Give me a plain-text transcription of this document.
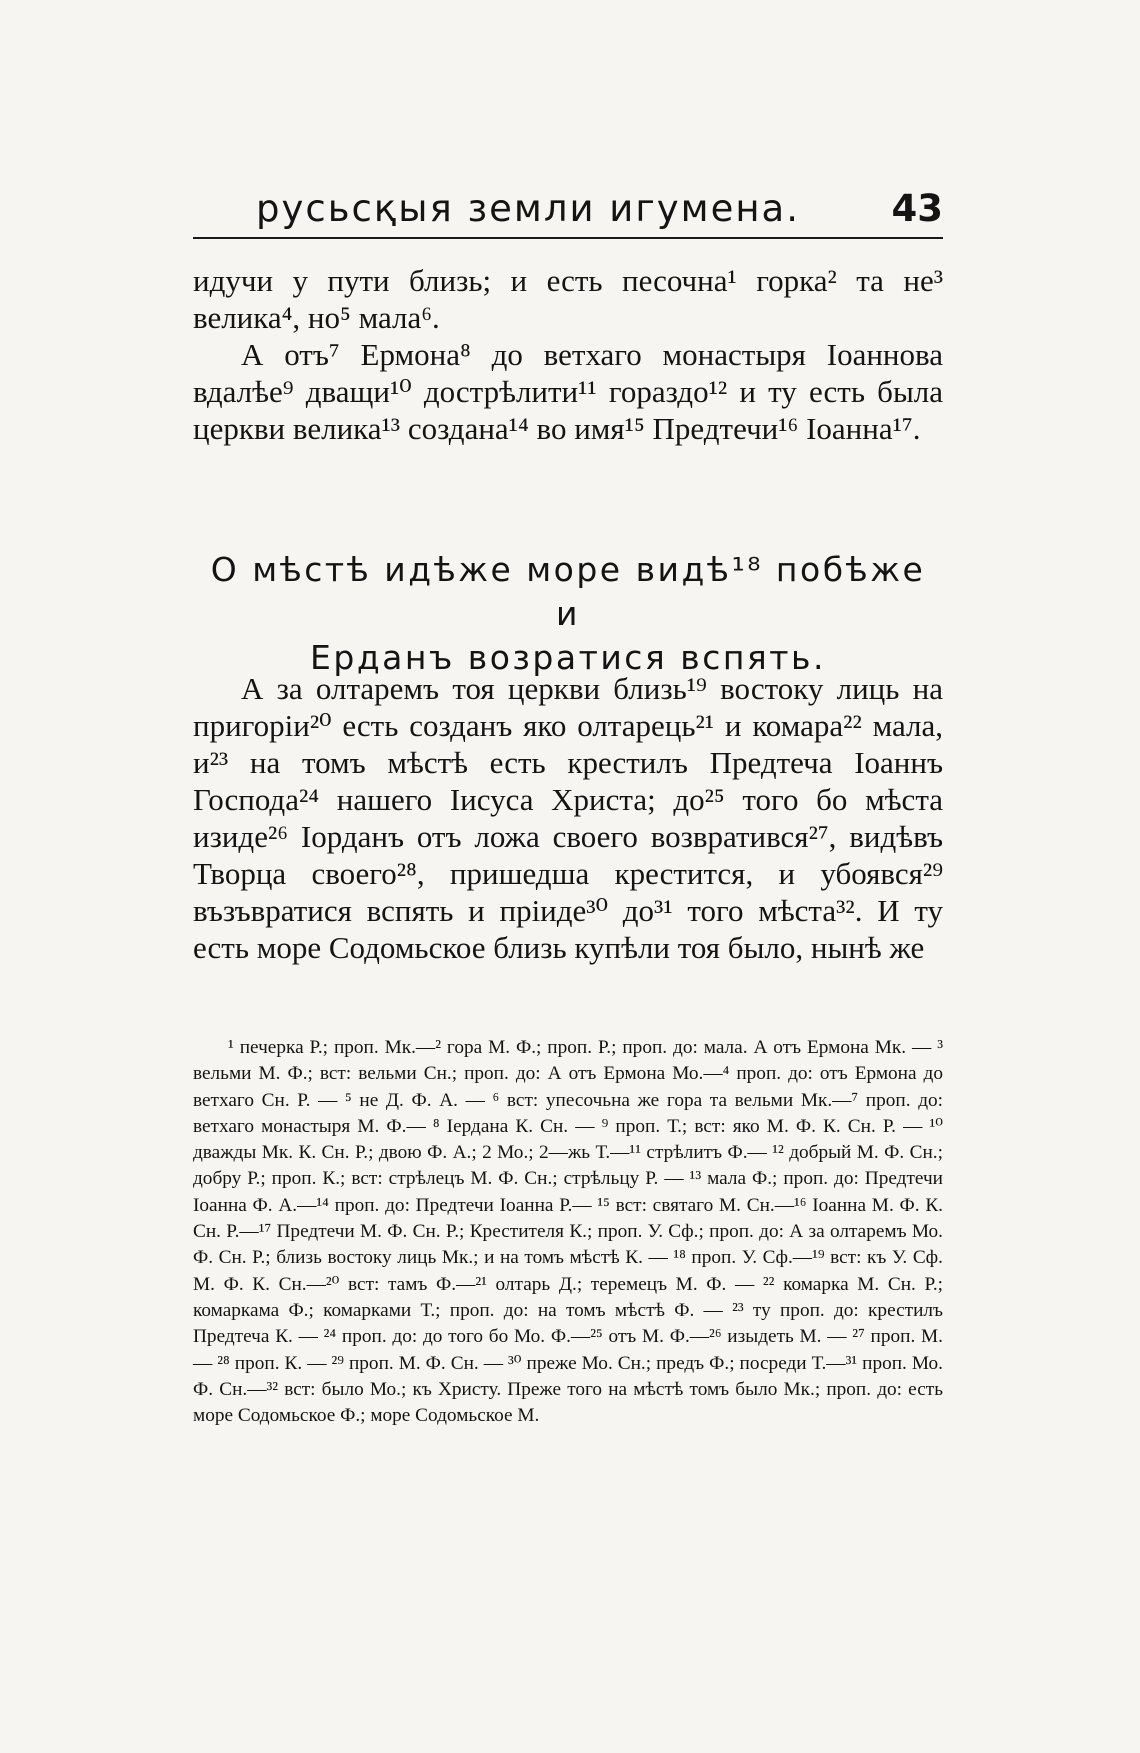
русьсқыя земли игумена.	43

идучи у пути близь; и есть песочна¹ горка² та не³ велика⁴, но⁵ мала⁶.

А отъ⁷ Ермона⁸ до ветхаго монастыря Іоаннова вдалѣе⁹ дващи¹⁰ дострѣлити¹¹ гораздо¹² и ту есть была церкви велика¹³ создана¹⁴ во имя¹⁵ Предтечи¹⁶ Іоанна¹⁷.

О мѣстѣ идѣже море видѣ¹⁸ побѣже и
Ерданъ возратися вспять.

А за олтаремъ тоя церкви близь¹⁹ востоку лиць на пригоріи²⁰ есть созданъ яко олтарець²¹ и комара²² мала, и²³ на томъ мѣстѣ есть крестилъ Предтеча Іоаннъ Господа²⁴ нашего Іисуса Христа; до²⁵ того бо мѣста изиде²⁶ Іорданъ отъ ложа своего возвратився²⁷, видѣвъ Творца своего²⁸, пришедша крестится, и убоявся²⁹ възъвратися вспять и пріиде³⁰ до³¹ того мѣста³². И ту есть море Содомьское близь купѣли тоя было, нынѣ же

¹ печерка Р.; проп. Мк.—² гора М. Ф.; проп. Р.; проп. до: мала. А отъ Ермона Мк. — ³ вельми М. Ф.; вст: вельми Сн.; проп. до: А отъ Ермона Мо.—⁴ проп. до: отъ Ермона до ветхаго Сн. Р. — ⁵ не Д. Ф. А. — ⁶ вст: упесочьна же гора та вельми Мк.—⁷ проп. до: ветхаго монастыря М. Ф.— ⁸ Іердана К. Сн. — ⁹ проп. Т.; вст: яко М. Ф. К. Сн. Р. — ¹⁰ дважды Мк. К. Сн. Р.; двою Ф. А.; 2 Мо.; 2—жь Т.—¹¹ стрѣлитъ Ф.— ¹² добрый М. Ф. Сн.; добру Р.; проп. К.; вст: стрѣлецъ М. Ф. Сн.; стрѣльцу Р. — ¹³ мала Ф.; проп. до: Предтечи Іоанна Ф. А.—¹⁴ проп. до: Предтечи Іоанна Р.— ¹⁵ вст: святаго М. Сн.—¹⁶ Іоанна М. Ф. К. Сн. Р.—¹⁷ Предтечи М. Ф. Сн. Р.; Крестителя К.; проп. У. Сф.; проп. до: А за олтаремъ Мо. Ф. Сн. Р.; близь востоку лиць Мк.; и на томъ мѣстѣ К. — ¹⁸ проп. У. Сф.—¹⁹ вст: къ У. Сф. М. Ф. К. Сн.—²⁰ вст: тамъ Ф.—²¹ олтарь Д.; теремецъ М. Ф. — ²² комарка М. Сн. Р.; комаркама Ф.; комарками Т.; проп. до: на томъ мѣстѣ Ф. — ²³ ту проп. до: крестилъ Предтеча К. — ²⁴ проп. до: до того бо Мо. Ф.—²⁵ отъ М. Ф.—²⁶ изыдеть М. — ²⁷ проп. М. — ²⁸ проп. К. — ²⁹ проп. М. Ф. Сн. — ³⁰ преже Мо. Сн.; предъ Ф.; посреди Т.—³¹ проп. Мо. Ф. Сн.—³² вст: было Мо.; къ Христу. Преже того на мѣстѣ томъ было Мк.; проп. до: есть море Содомьское Ф.; море Содомьское М.
